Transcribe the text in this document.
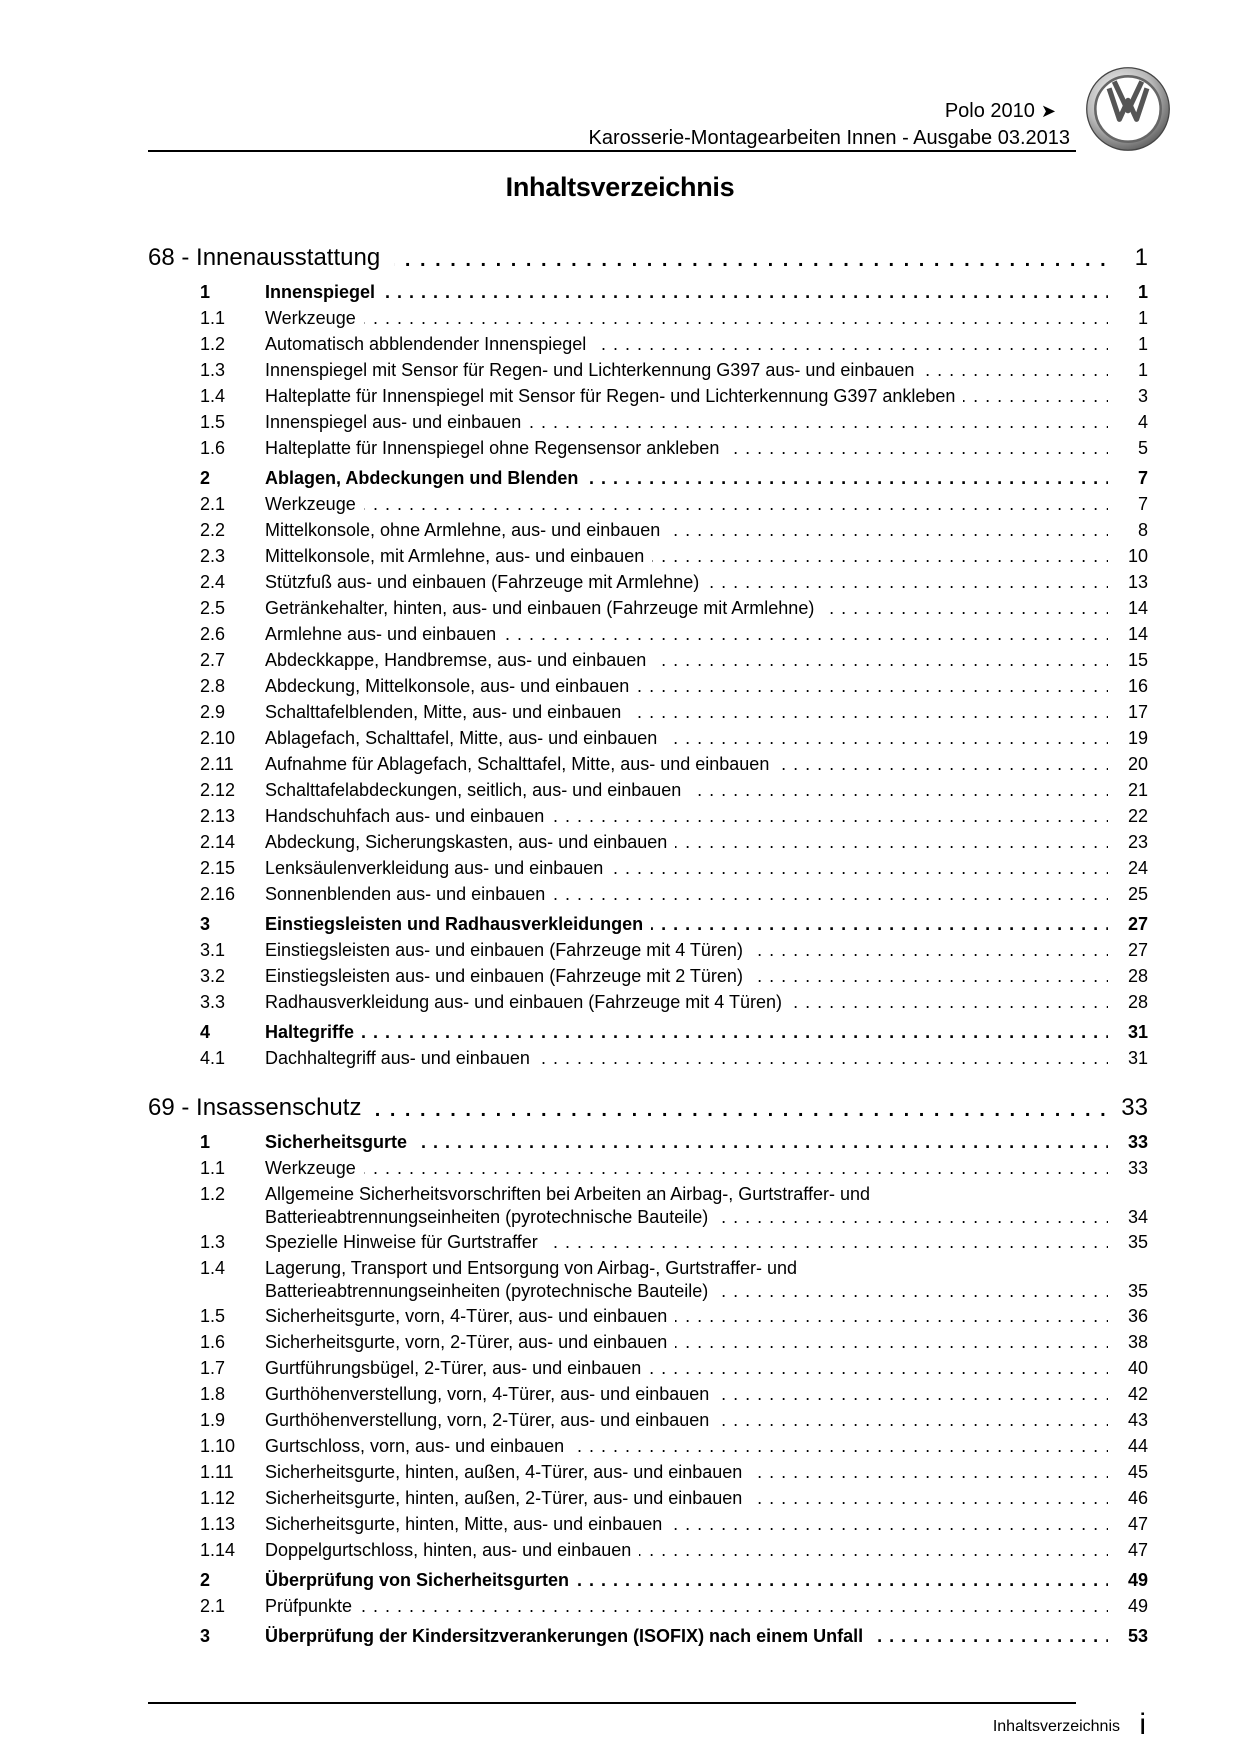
Polo 2010 ➤
Karosserie-Montagearbeiten Innen - Ausgabe 03.2013
Inhaltsverzeichnis
68 - Innenausstattung . . .	1
1	Innenspiegel . . .	1
1.1 Werkzeuge . . .	1
1.2 Automatisch abblendender Innenspiegel . . .	1
1.3 Innenspiegel mit Sensor für Regen- und Lichterkennung G397 aus- und einbauen . . .	1
1.4 Halteplatte für Innenspiegel mit Sensor für Regen- und Lichterkennung G397 ankleben . . .	3
1.5 Innenspiegel aus- und einbauen . . .	4
1.6 Halteplatte für Innenspiegel ohne Regensensor ankleben . . .	5
2	Ablagen, Abdeckungen und Blenden . . .	7
2.1 Werkzeuge . . .	7
2.2 Mittelkonsole, ohne Armlehne, aus- und einbauen . . .	8
2.3 Mittelkonsole, mit Armlehne, aus- und einbauen . . .	10
2.4 Stützfuß aus- und einbauen (Fahrzeuge mit Armlehne) . . .	13
2.5 Getränkehalter, hinten, aus- und einbauen (Fahrzeuge mit Armlehne) . . .	14
2.6 Armlehne aus- und einbauen . . .	14
2.7 Abdeckkappe, Handbremse, aus- und einbauen . . .	15
2.8 Abdeckung, Mittelkonsole, aus- und einbauen . . .	16
2.9 Schalttafelblenden, Mitte, aus- und einbauen . . .	17
2.10 Ablagefach, Schalttafel, Mitte, aus- und einbauen . . .	19
2.11 Aufnahme für Ablagefach, Schalttafel, Mitte, aus- und einbauen . . .	20
2.12 Schalttafelabdeckungen, seitlich, aus- und einbauen . . .	21
2.13 Handschuhfach aus- und einbauen . . .	22
2.14 Abdeckung, Sicherungskasten, aus- und einbauen . . .	23
2.15 Lenksäulenverkleidung aus- und einbauen . . .	24
2.16 Sonnenblenden aus- und einbauen . . .	25
3	Einstiegsleisten und Radhausverkleidungen . . .	27
3.1 Einstiegsleisten aus- und einbauen (Fahrzeuge mit 4 Türen) . . .	27
3.2 Einstiegsleisten aus- und einbauen (Fahrzeuge mit 2 Türen) . . .	28
3.3 Radhausverkleidung aus- und einbauen (Fahrzeuge mit 4 Türen) . . .	28
4	Haltegriffe . . .	31
4.1 Dachhaltegriff aus- und einbauen . . .	31
69 - Insassenschutz . . .	33
1	Sicherheitsgurte . . .	33
1.1 Werkzeuge . . .	33
1.2 Allgemeine Sicherheitsvorschriften bei Arbeiten an Airbag-, Gurtstraffer- und
Batterieabtrennungseinheiten (pyrotechnische Bauteile) . . .	34
1.3 Spezielle Hinweise für Gurtstraffer . . .	35
1.4 Lagerung, Transport und Entsorgung von Airbag-, Gurtstraffer- und
Batterieabtrennungseinheiten (pyrotechnische Bauteile) . . .	35
1.5 Sicherheitsgurte, vorn, 4-Türer, aus- und einbauen . . .	36
1.6 Sicherheitsgurte, vorn, 2-Türer, aus- und einbauen . . .	38
1.7 Gurtführungsbügel, 2-Türer, aus- und einbauen . . .	40
1.8 Gurthöhenverstellung, vorn, 4-Türer, aus- und einbauen . . .	42
1.9 Gurthöhenverstellung, vorn, 2-Türer, aus- und einbauen . . .	43
1.10 Gurtschloss, vorn, aus- und einbauen . . .	44
1.11 Sicherheitsgurte, hinten, außen, 4-Türer, aus- und einbauen . . .	45
1.12 Sicherheitsgurte, hinten, außen, 2-Türer, aus- und einbauen . . .	46
1.13 Sicherheitsgurte, hinten, Mitte, aus- und einbauen . . .	47
1.14 Doppelgurtschloss, hinten, aus- und einbauen . . .	47
2	Überprüfung von Sicherheitsgurten . . .	49
2.1 Prüfpunkte . . .	49
3	Überprüfung der Kindersitzverankerungen (ISOFIX) nach einem Unfall . . .	53
Inhaltsverzeichnis i
